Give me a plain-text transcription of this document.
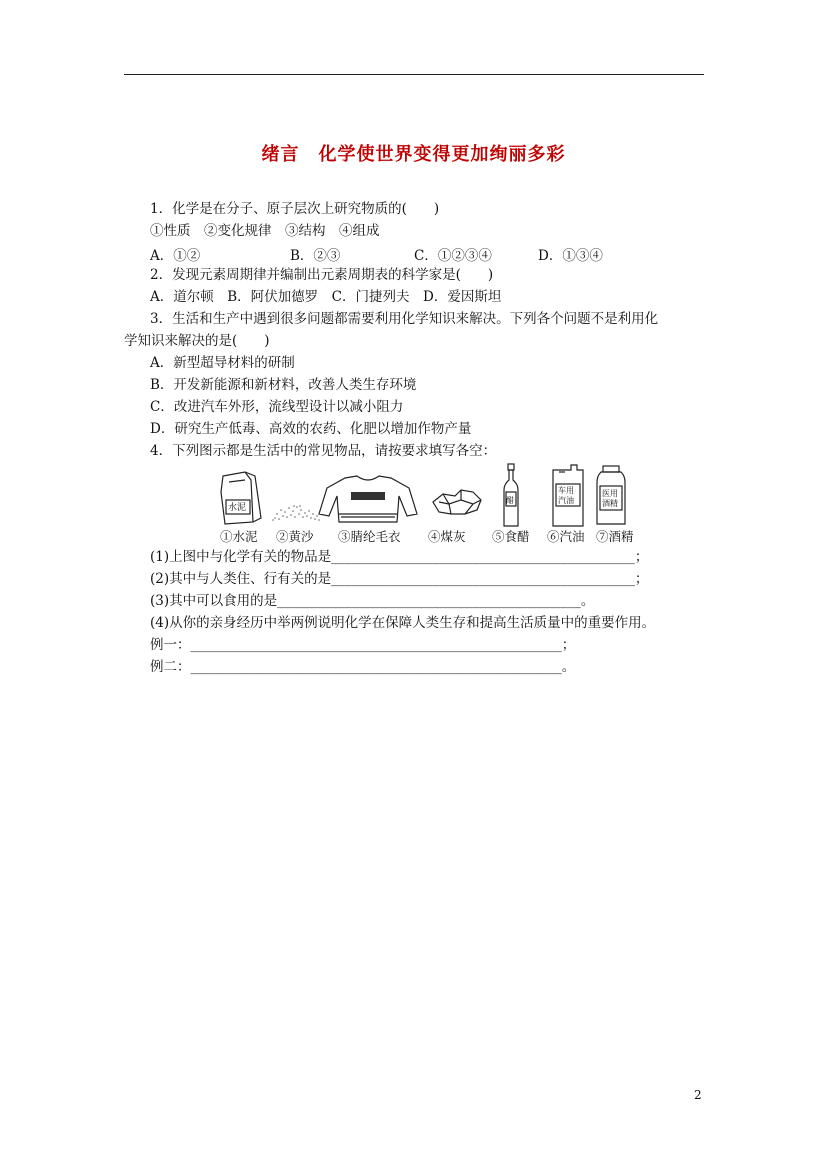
绪言　化学使世界变得更加绚丽多彩
1．化学是在分子、原子层次上研究物质的(　　)
①性质　②变化规律　③结构　④组成
A．①②	B．②③	C．①②③④	D．①③④
2．发现元素周期律并编制出元素周期表的科学家是(　　)
A．道尔顿　B．阿伏加德罗　C．门捷列夫　D．爱因斯坦
3．生活和生产中遇到很多问题都需要利用化学知识来解决。下列各个问题不是利用化
学知识来解决的是(　　)
A．新型超导材料的研制
B．开发新能源和新材料，改善人类生存环境
C．改进汽车外形，流线型设计以减小阻力
D．研究生产低毒、高效的农药、化肥以增加作物产量
4．下列图示都是生活中的常见物品，请按要求填写各空：
水泥
醋
车用
汽油
医用
酒精
①水泥 ②黄沙 ③腈纶毛衣 ④煤灰 ⑤食醋 ⑥汽油 ⑦酒精
(1)上图中与化学有关的物品是_____________________________________________；
(2)其中与人类住、行有关的是_____________________________________________；
(3)其中可以食用的是_____________________________________________。
(4)从你的亲身经历中举两例说明化学在保障人类生存和提高生活质量中的重要作用。
例一：_______________________________________________________；
例二：_______________________________________________________。
2
